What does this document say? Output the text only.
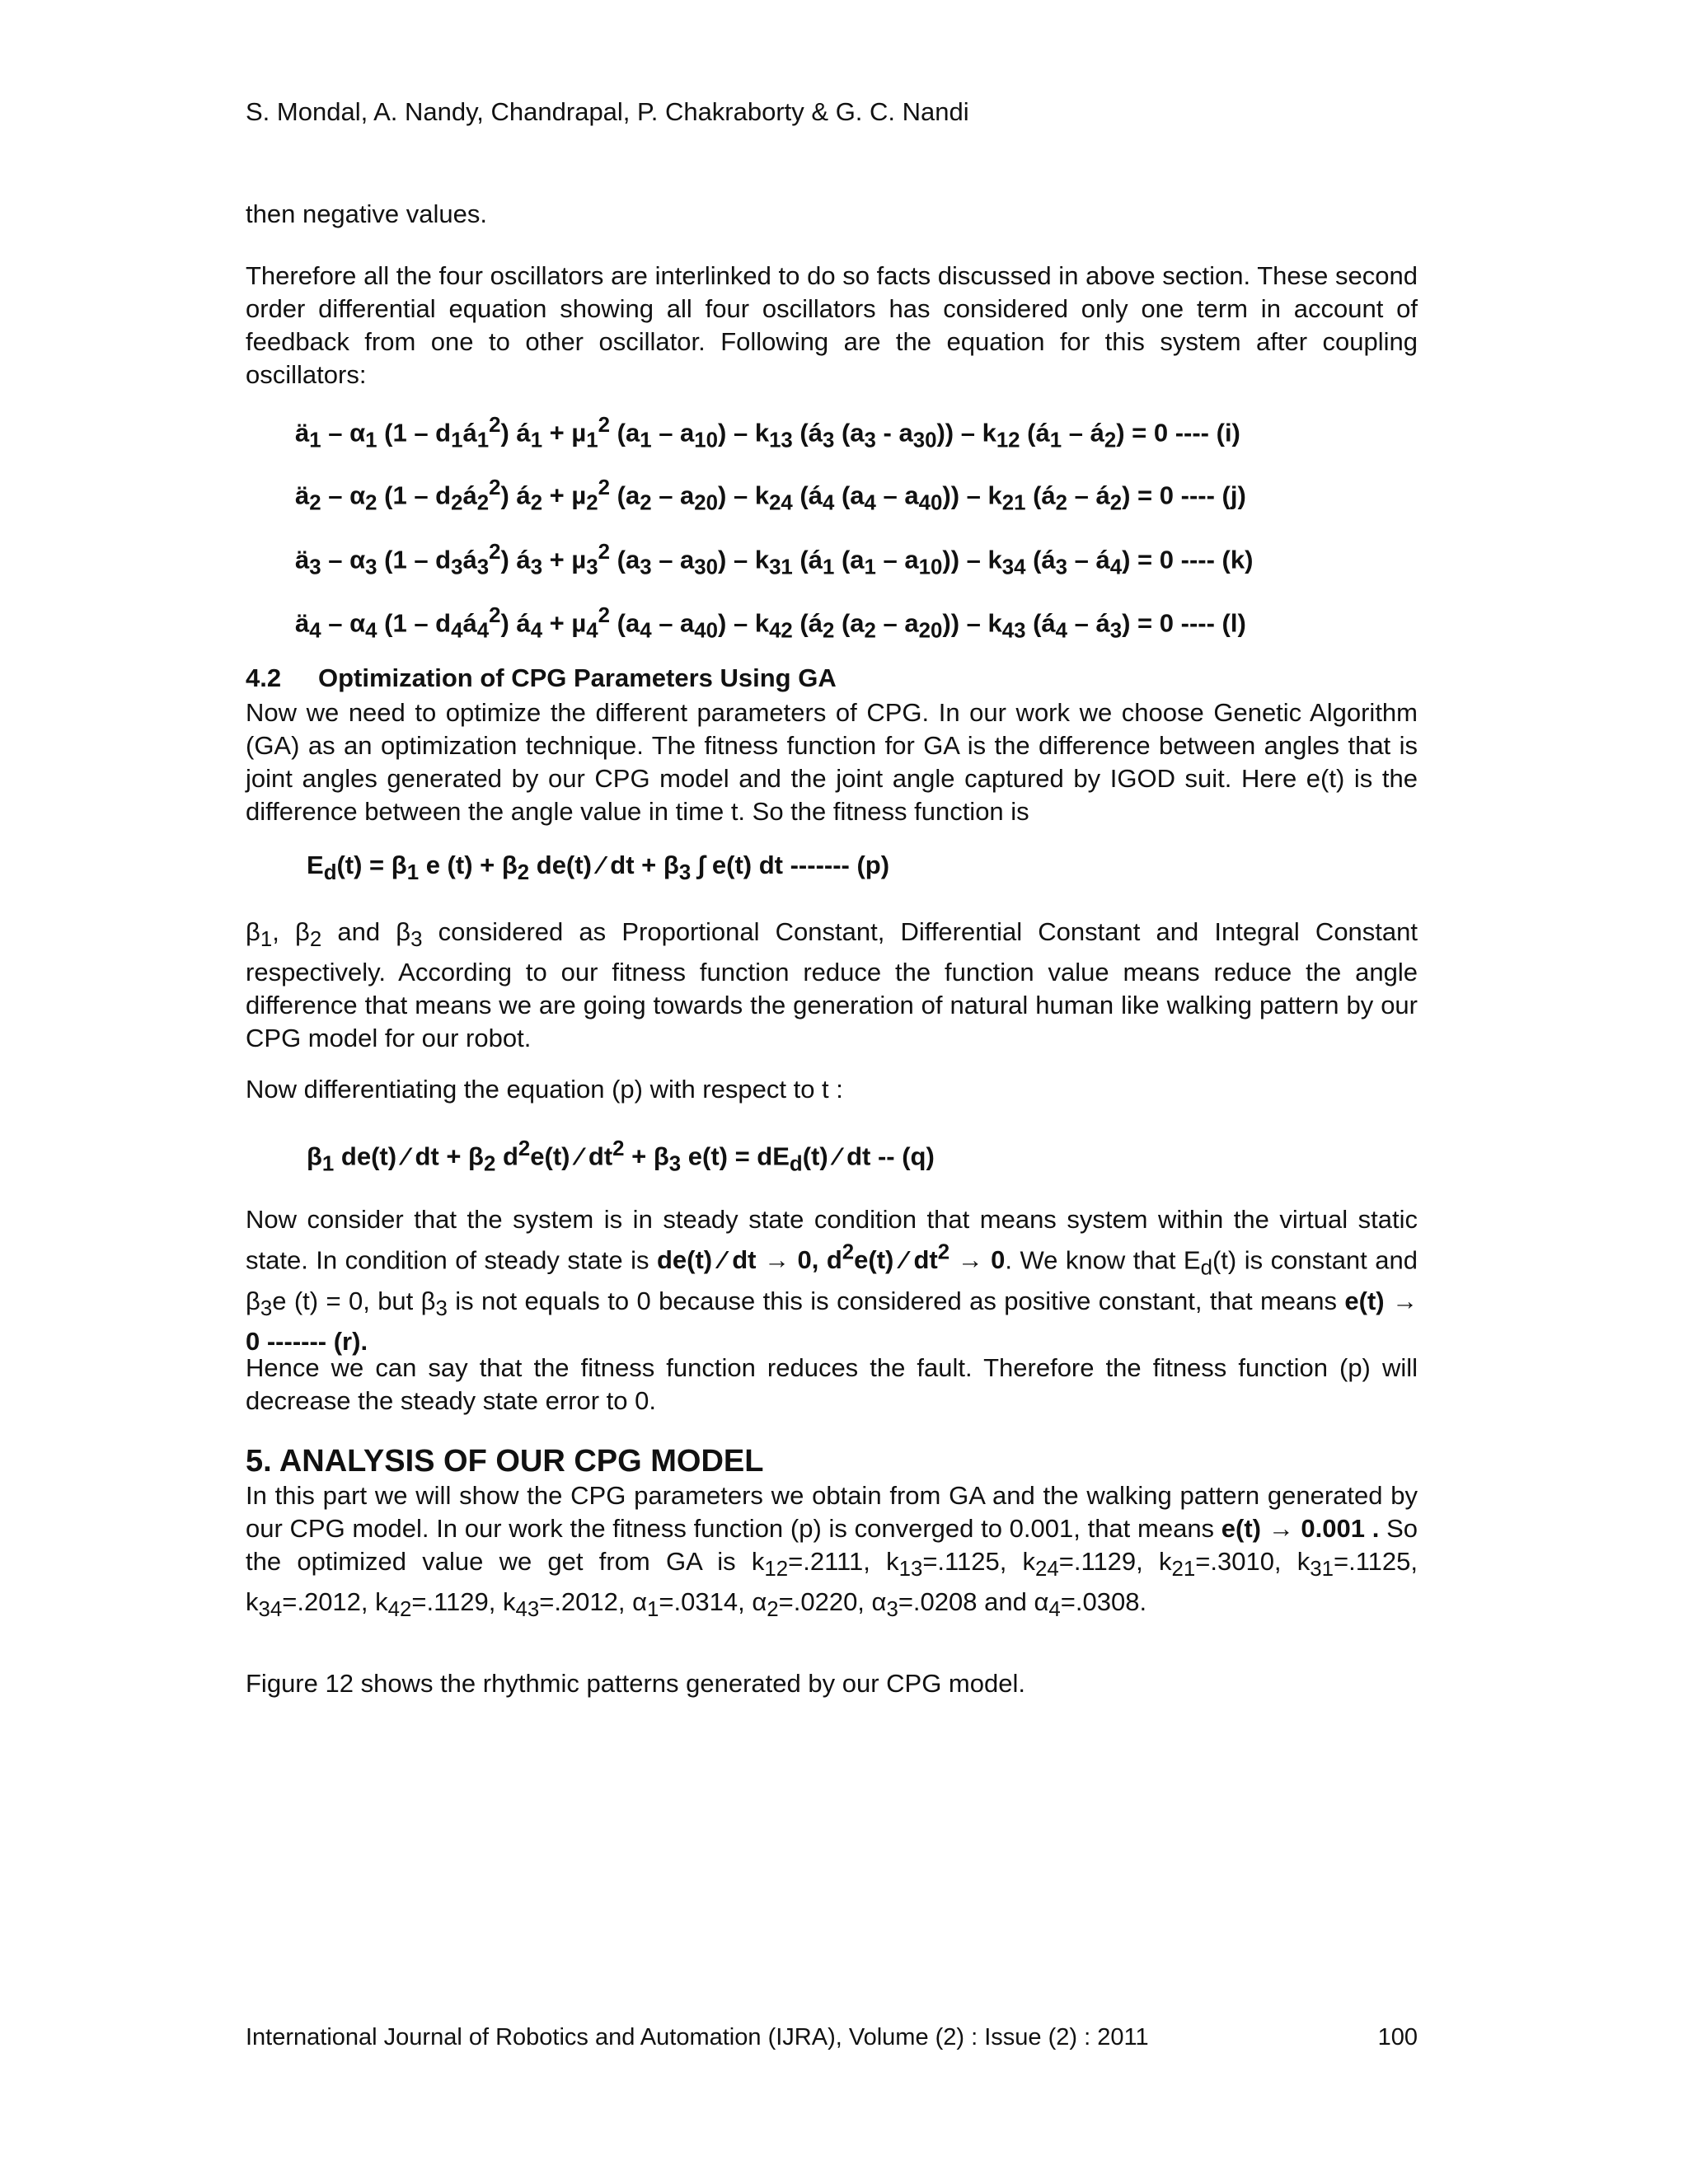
S. Mondal, A. Nandy, Chandrapal, P. Chakraborty & G. C. Nandi

then negative values.

Therefore all the four oscillators are interlinked to do so facts discussed in above section. These second order differential equation showing all four oscillators has considered only one term in account of feedback from one to other oscillator. Following are the equation for this system after coupling oscillators:

$ä_1 - \alpha_1$ $(1 - d_1á_1^2)$ $á_1 + \mu_1^2$ $(a_1 - a_{10}) - k_{13}$ ($á_3$ $(a_3 - a_{30})) - k_{12}$ ($á_1$ – $á_2) = 0$ ---- (i)
$ä_2 - \alpha_2$ $(1 - d_2á_2^2)$ $á_2 + \mu_2^2$ $(a_2 - a_{20}) - k_{24}$ ($á_4$ $(a_4 - a_{40})) - k_{21}$ ($á_2$ – $á_2) = 0$ ---- (j)
$ä_3 - \alpha_3$ $(1 - d_3á_3^2)$ $á_3 + \mu_3^2$ $(a_3 - a_{30}) - k_{31}$ ($á_1$ $(a_1 - a_{10})) - k_{34}$ ($á_3$ – $á_4) = 0$ ---- (k)
$ä_4 - \alpha_4$ $(1 - d_4á_4^2)$ $á_4 + \mu_4^2$ $(a_4 - a_{40}) - k_{42}$ ($á_2$ $(a_2 - a_{20})) - k_{43}$ ($á_4$ – $á_3) = 0$ ---- (l)
4.2 Optimization of CPG Parameters Using GA

Now we need to optimize the different parameters of CPG. In our work we choose Genetic Algorithm (GA) as an optimization technique. The fitness function for GA is the difference between angles that is joint angles generated by our CPG model and the joint angle captured by IGOD suit. Here e(t) is the difference between the angle value in time t. So the fitness function is

$E_d(t) = \beta_1$ e $(t) + \beta_2$ de(t) ⁄ dt + $\beta_3$ ∫ e(t) dt ------- (p)

$\beta_1$, $\beta_2$ and $\beta_3$ considered as Proportional Constant, Differential Constant and Integral Constant respectively. According to our fitness function reduce the function value means reduce the angle difference that means we are going towards the generation of natural human like walking pattern by our CPG model for our robot.

Now differentiating the equation (p) with respect to t :

$\beta_1$ de(t) ⁄ dt + $\beta_2$ $d^2e(t)$ ⁄ $dt^2 + \beta_3$ $e(t) = dE_d(t)$ ⁄ dt -- (q)

Now consider that the system is in steady state condition that means system within the virtual static state. In condition of steady state is de(t) ⁄ dt → 0, $d^2e(t)$ ⁄ $dt^2 \to 0$. We know that $E_d(t)$ is constant and $\beta_3e$ (t) = 0, but $\beta_3$ is not equals to 0 because this is considered as positive constant, that means e(t) → 0 ------- (r).

Hence we can say that the fitness function reduces the fault. Therefore the fitness function (p) will decrease the steady state error to 0.

5. ANALYSIS OF OUR CPG MODEL

In this part we will show the CPG parameters we obtain from GA and the walking pattern generated by our CPG model. In our work the fitness function (p) is converged to 0.001, that means e(t) → 0.001 . So the optimized value we get from GA is $k_{12}=.2111$, $k_{13}=.1125$, $k_{24}=.1129$, $k_{21}=.3010$, $k_{31}=.1125$, $k_{34}=.2012$, $k_{42}=.1129$, $k_{43}=.2012$, $\alpha_1=.0314$, $\alpha_2=.0220$, $\alpha_3=.0208$ and $\alpha_4=.0308$.

Figure 12 shows the rhythmic patterns generated by our CPG model.

International Journal of Robotics and Automation (IJRA), Volume (2) : Issue (2) : 2011	100
